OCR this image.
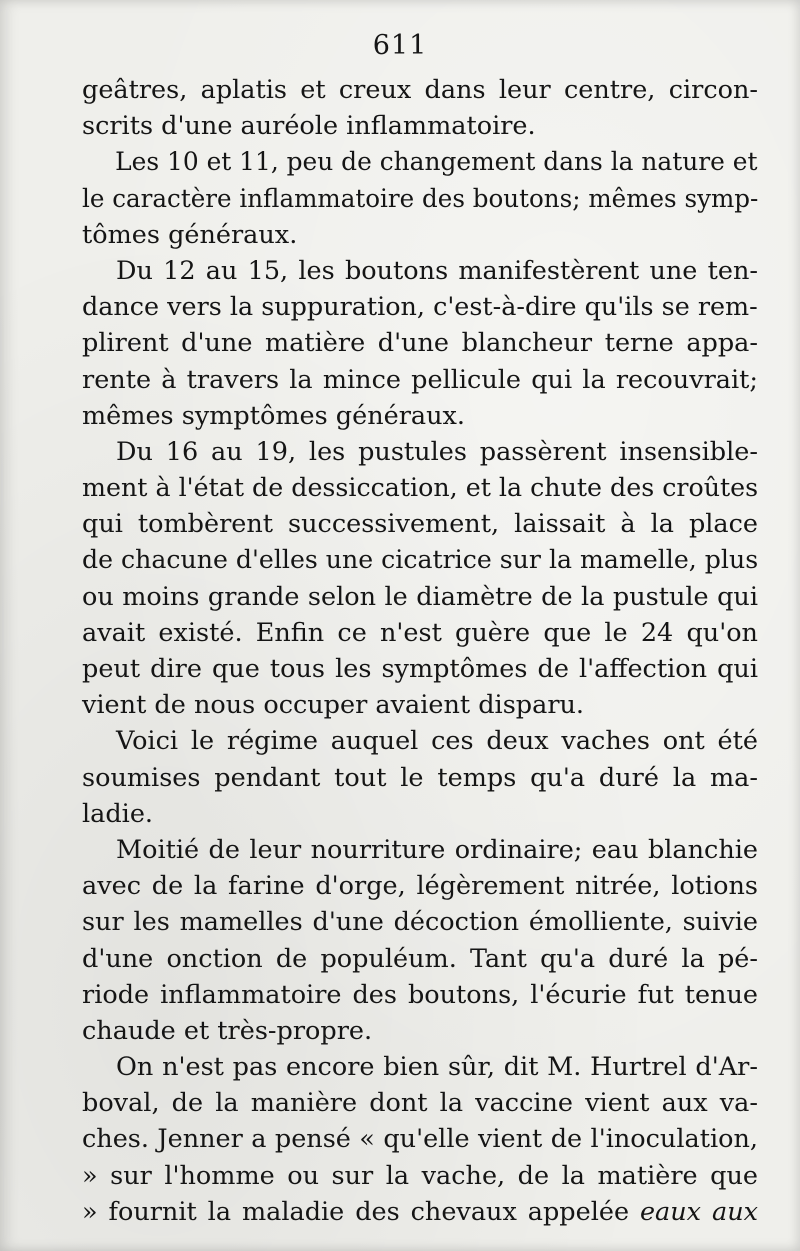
611
geâtres, aplatis et creux dans leur centre, circon-
scrits d'une auréole inflammatoire.
Les 10 et 11, peu de changement dans la nature et
le caractère inflammatoire des boutons; mêmes symp-
tômes généraux.
Du 12 au 15, les boutons manifestèrent une ten-
dance vers la suppuration, c'est-à-dire qu'ils se rem-
plirent d'une matière d'une blancheur terne appa-
rente à travers la mince pellicule qui la recouvrait;
mêmes symptômes généraux.
Du 16 au 19, les pustules passèrent insensible-
ment à l'état de dessiccation, et la chute des croûtes
qui tombèrent successivement, laissait à la place
de chacune d'elles une cicatrice sur la mamelle, plus
ou moins grande selon le diamètre de la pustule qui
avait existé. Enfin ce n'est guère que le 24 qu'on
peut dire que tous les symptômes de l'affection qui
vient de nous occuper avaient disparu.
Voici le régime auquel ces deux vaches ont été
soumises pendant tout le temps qu'a duré la ma-
ladie.
Moitié de leur nourriture ordinaire; eau blanchie
avec de la farine d'orge, légèrement nitrée, lotions
sur les mamelles d'une décoction émolliente, suivie
d'une onction de populéum. Tant qu'a duré la pé-
riode inflammatoire des boutons, l'écurie fut tenue
chaude et très-propre.
On n'est pas encore bien sûr, dit M. Hurtrel d'Ar-
boval, de la manière dont la vaccine vient aux va-
ches. Jenner a pensé « qu'elle vient de l'inoculation,
» sur l'homme ou sur la vache, de la matière que
» fournit la maladie des chevaux appelée eaux aux
